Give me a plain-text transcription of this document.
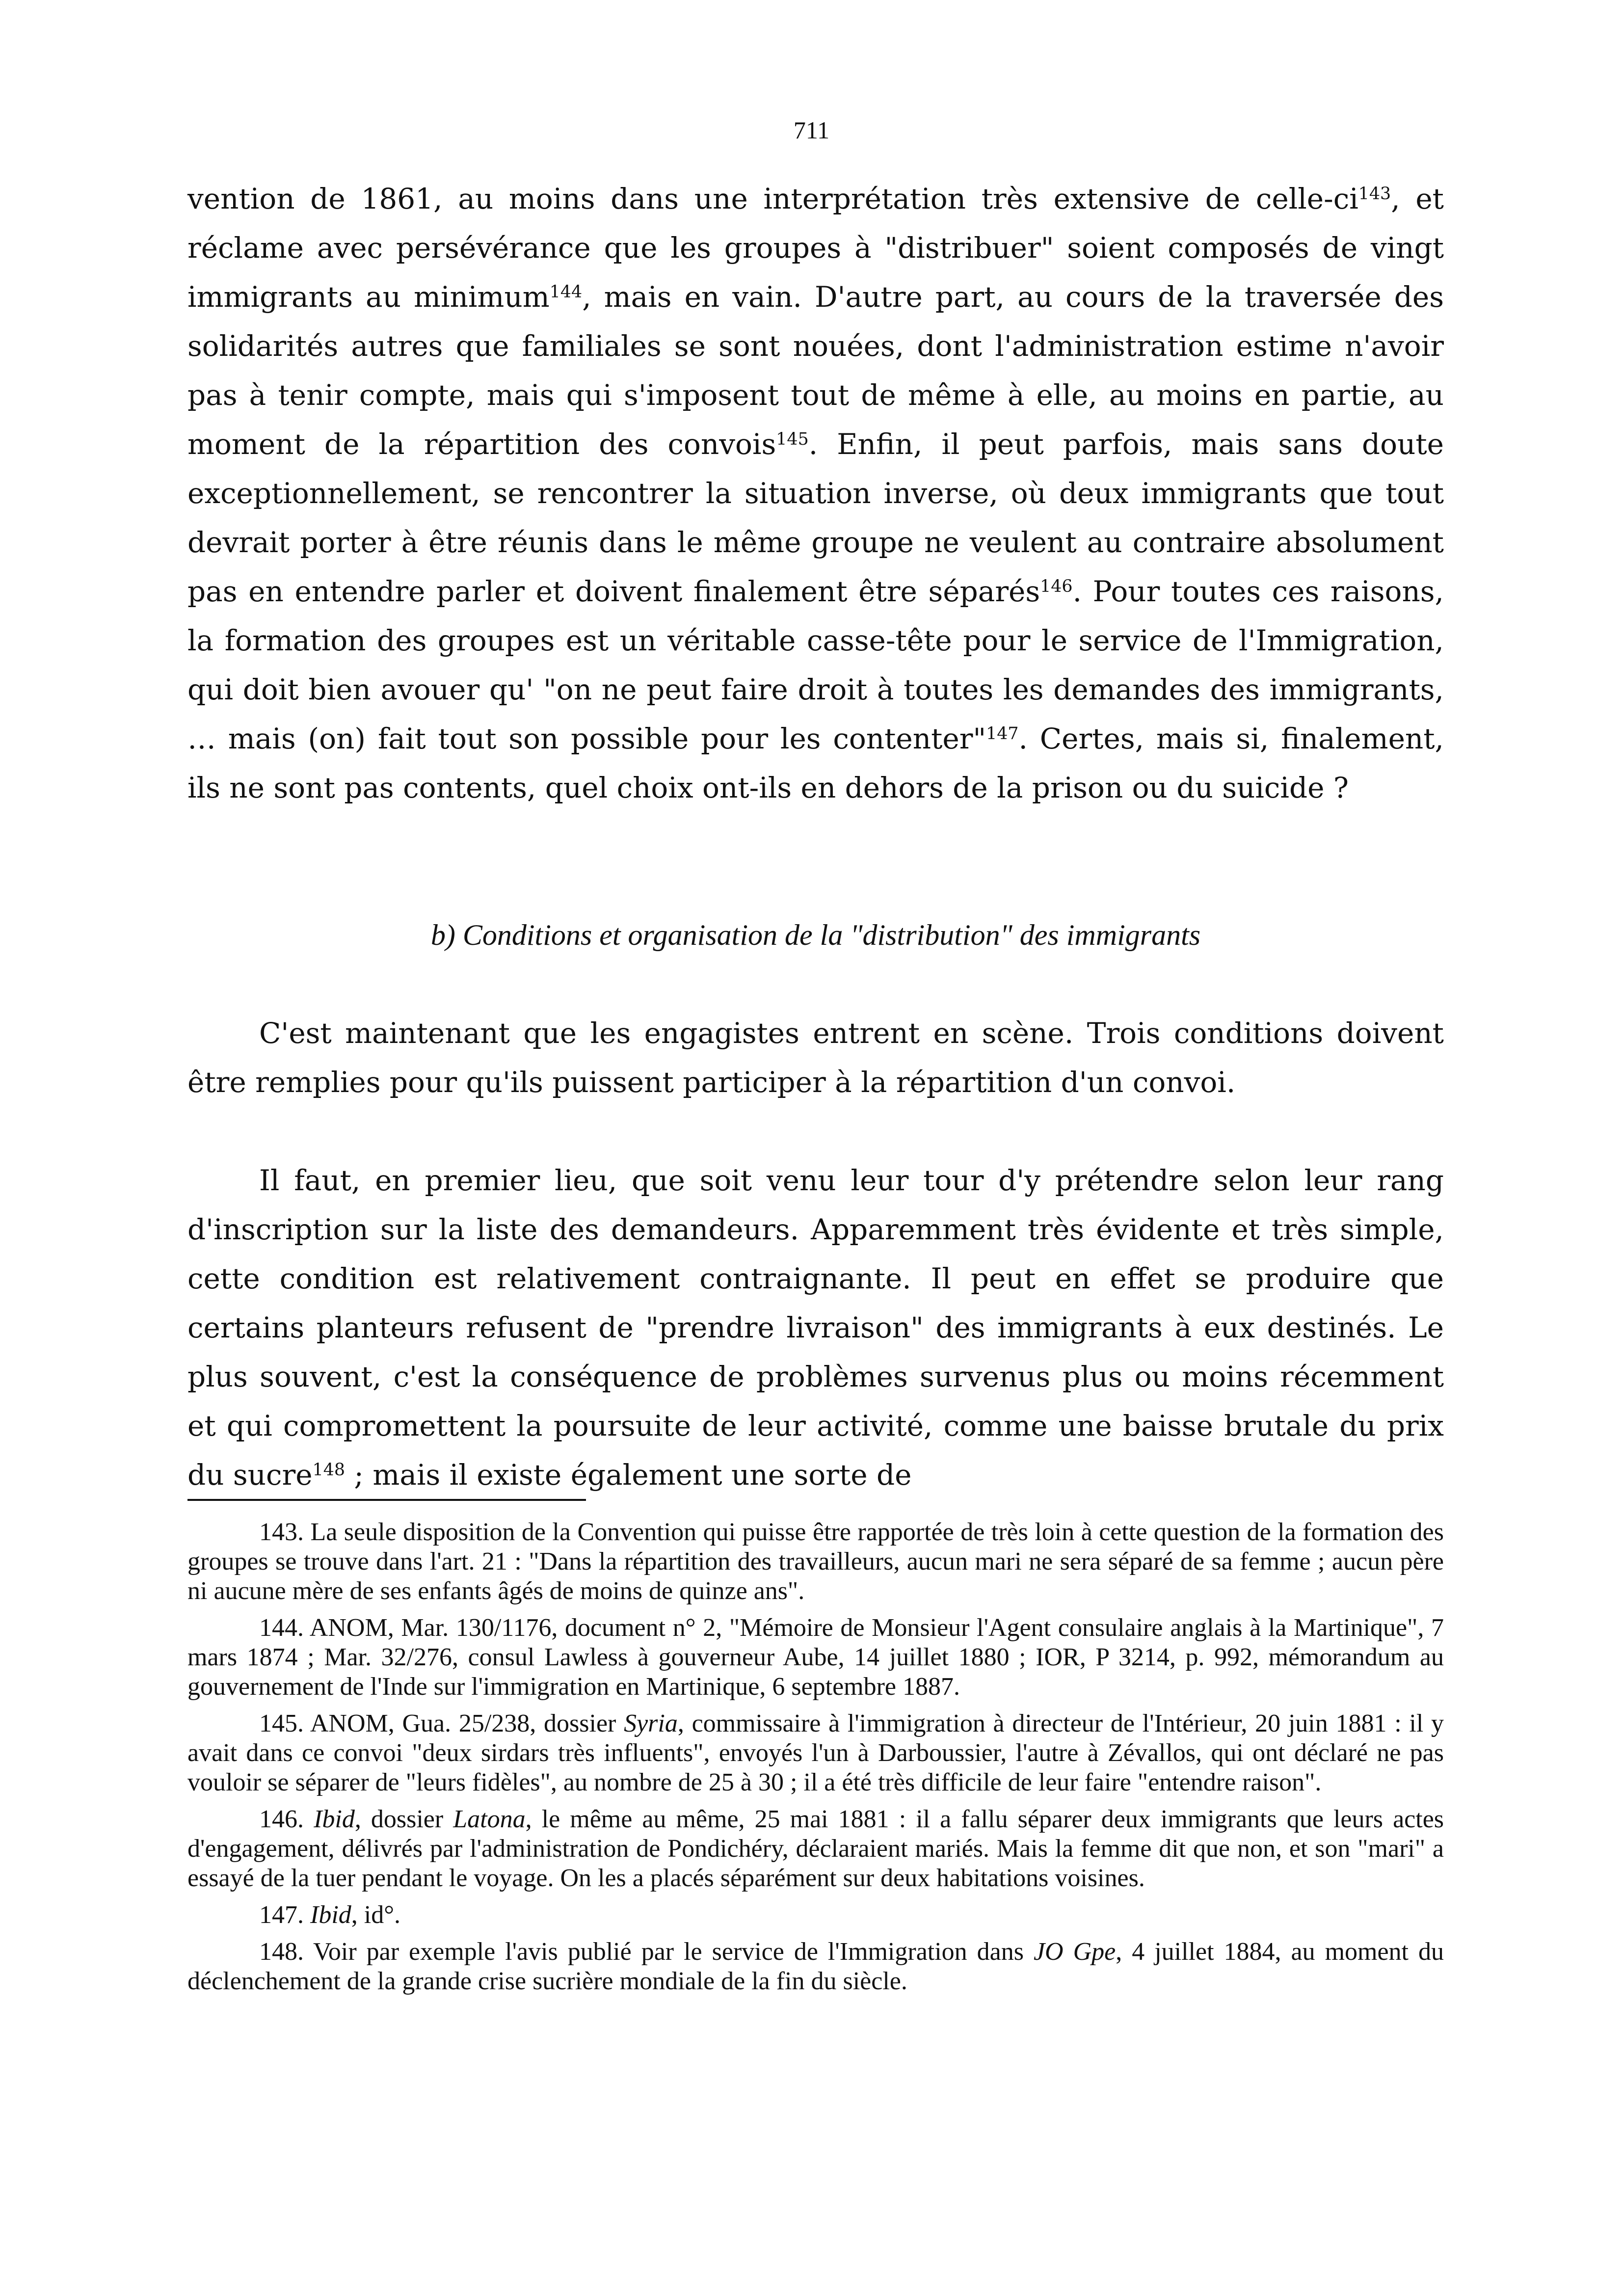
711

vention de 1861, au moins dans une interprétation très extensive de celle-ci$^{143}$, et réclame avec persévérance que les groupes à "distribuer" soient composés de vingt immigrants au minimum$^{144}$, mais en vain. D'autre part, au cours de la traversée des solidarités autres que familiales se sont nouées, dont l'administration estime n'avoir pas à tenir compte, mais qui s'imposent tout de même à elle, au moins en partie, au moment de la répartition des convois$^{145}$. Enfin, il peut parfois, mais sans doute exceptionnellement, se rencontrer la situation inverse, où deux immigrants que tout devrait porter à être réunis dans le même groupe ne veulent au contraire absolument pas en entendre parler et doivent finalement être séparés$^{146}$. Pour toutes ces raisons, la formation des groupes est un véritable casse-tête pour le service de l'Immigration, qui doit bien avouer qu' "on ne peut faire droit à toutes les demandes des immigrants, … mais (on) fait tout son possible pour les contenter"$^{147}$. Certes, mais si, finalement, ils ne sont pas contents, quel choix ont-ils en dehors de la prison ou du suicide ?

b) Conditions et organisation de la "distribution" des immigrants

C'est maintenant que les engagistes entrent en scène. Trois conditions doivent être remplies pour qu'ils puissent participer à la répartition d'un convoi.

Il faut, en premier lieu, que soit venu leur tour d'y prétendre selon leur rang d'inscription sur la liste des demandeurs. Apparemment très évidente et très simple, cette condition est relativement contraignante. Il peut en effet se produire que certains planteurs refusent de "prendre livraison" des immigrants à eux destinés. Le plus souvent, c'est la conséquence de problèmes survenus plus ou moins récemment et qui compromettent la poursuite de leur activité, comme une baisse brutale du prix du sucre$^{148}$ ; mais il existe également une sorte de

143. La seule disposition de la Convention qui puisse être rapportée de très loin à cette question de la formation des groupes se trouve dans l'art. 21 : "Dans la répartition des travailleurs, aucun mari ne sera séparé de sa femme ; aucun père ni aucune mère de ses enfants âgés de moins de quinze ans".

144. ANOM, Mar. 130/1176, document n° 2, "Mémoire de Monsieur l'Agent consulaire anglais à la Martinique", 7 mars 1874 ; Mar. 32/276, consul Lawless à gouverneur Aube, 14 juillet 1880 ; IOR, P 3214, p. 992, mémorandum au gouvernement de l'Inde sur l'immigration en Martinique, 6 septembre 1887.

145. ANOM, Gua. 25/238, dossier Syria, commissaire à l'immigration à directeur de l'Intérieur, 20 juin 1881 : il y avait dans ce convoi "deux sirdars très influents", envoyés l'un à Darboussier, l'autre à Zévallos, qui ont déclaré ne pas vouloir se séparer de "leurs fidèles", au nombre de 25 à 30 ; il a été très difficile de leur faire "entendre raison".

146. Ibid, dossier Latona, le même au même, 25 mai 1881 : il a fallu séparer deux immigrants que leurs actes d'engagement, délivrés par l'administration de Pondichéry, déclaraient mariés. Mais la femme dit que non, et son "mari" a essayé de la tuer pendant le voyage. On les a placés séparément sur deux habitations voisines.

147. Ibid, id°.

148. Voir par exemple l'avis publié par le service de l'Immigration dans JO Gpe, 4 juillet 1884, au moment du déclenchement de la grande crise sucrière mondiale de la fin du siècle.
